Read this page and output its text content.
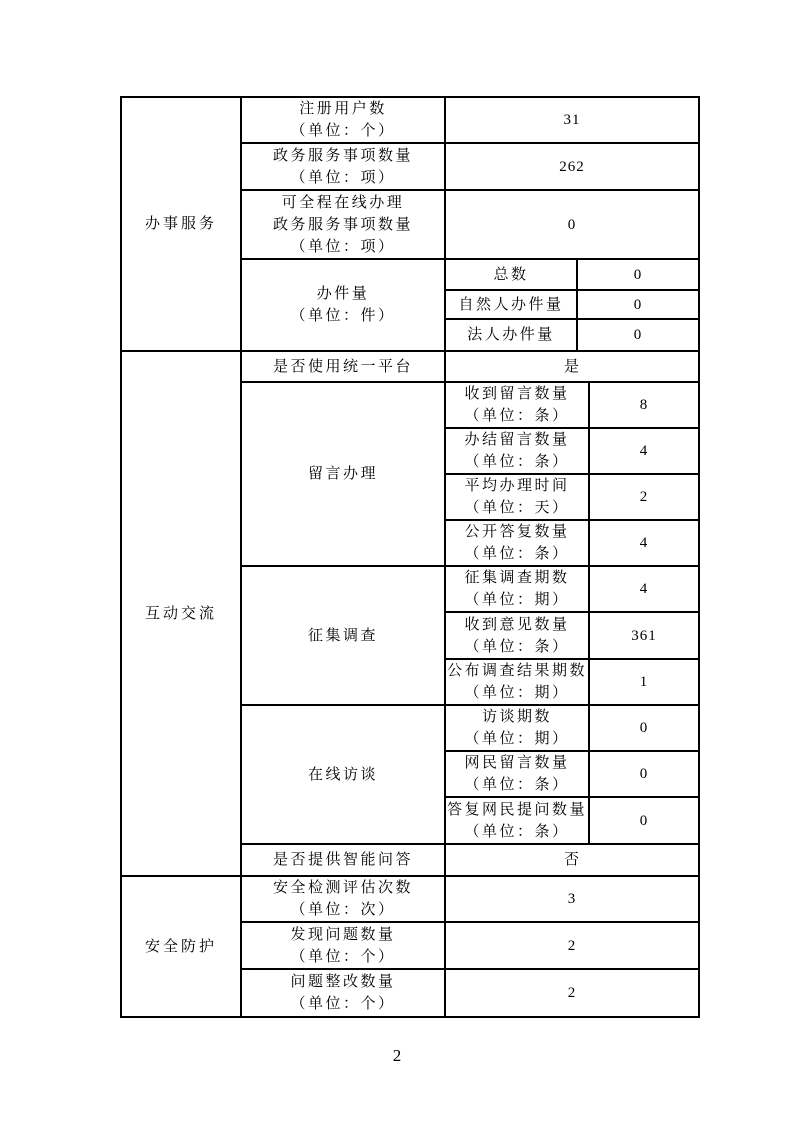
办事服务	注册用户数
（单位：个）	31		

	政务服务事项数量
（单位：项）	262		

	可全程在线办理
政务服务事项数量
（单位：项）	0		

	办件量
（单位：件）	总数	0	
		自然人办件量	0	
		法人办件量	0	
互动交流	是否使用统一平台	是		
	留言办理	收到留言数量
（单位：条）		8

		办结留言数量
（单位：条）		4

		平均办理时间
（单位：天）		2

		公开答复数量
（单位：条）		4
	征集调查	征集调查期数
（单位：期）		4

		收到意见数量
（单位：条）		361

		公布调查结果期数
（单位：期）		1
	在线访谈	访谈期数
（单位：期）		0

		网民留言数量
（单位：条）		0

		答复网民提问数量
（单位：条）		0
	是否提供智能问答	否		
安全防护	安全检测评估次数
（单位：次）	3		

	发现问题数量
（单位：个）	2		

	问题整改数量
（单位：个）	2		
2
